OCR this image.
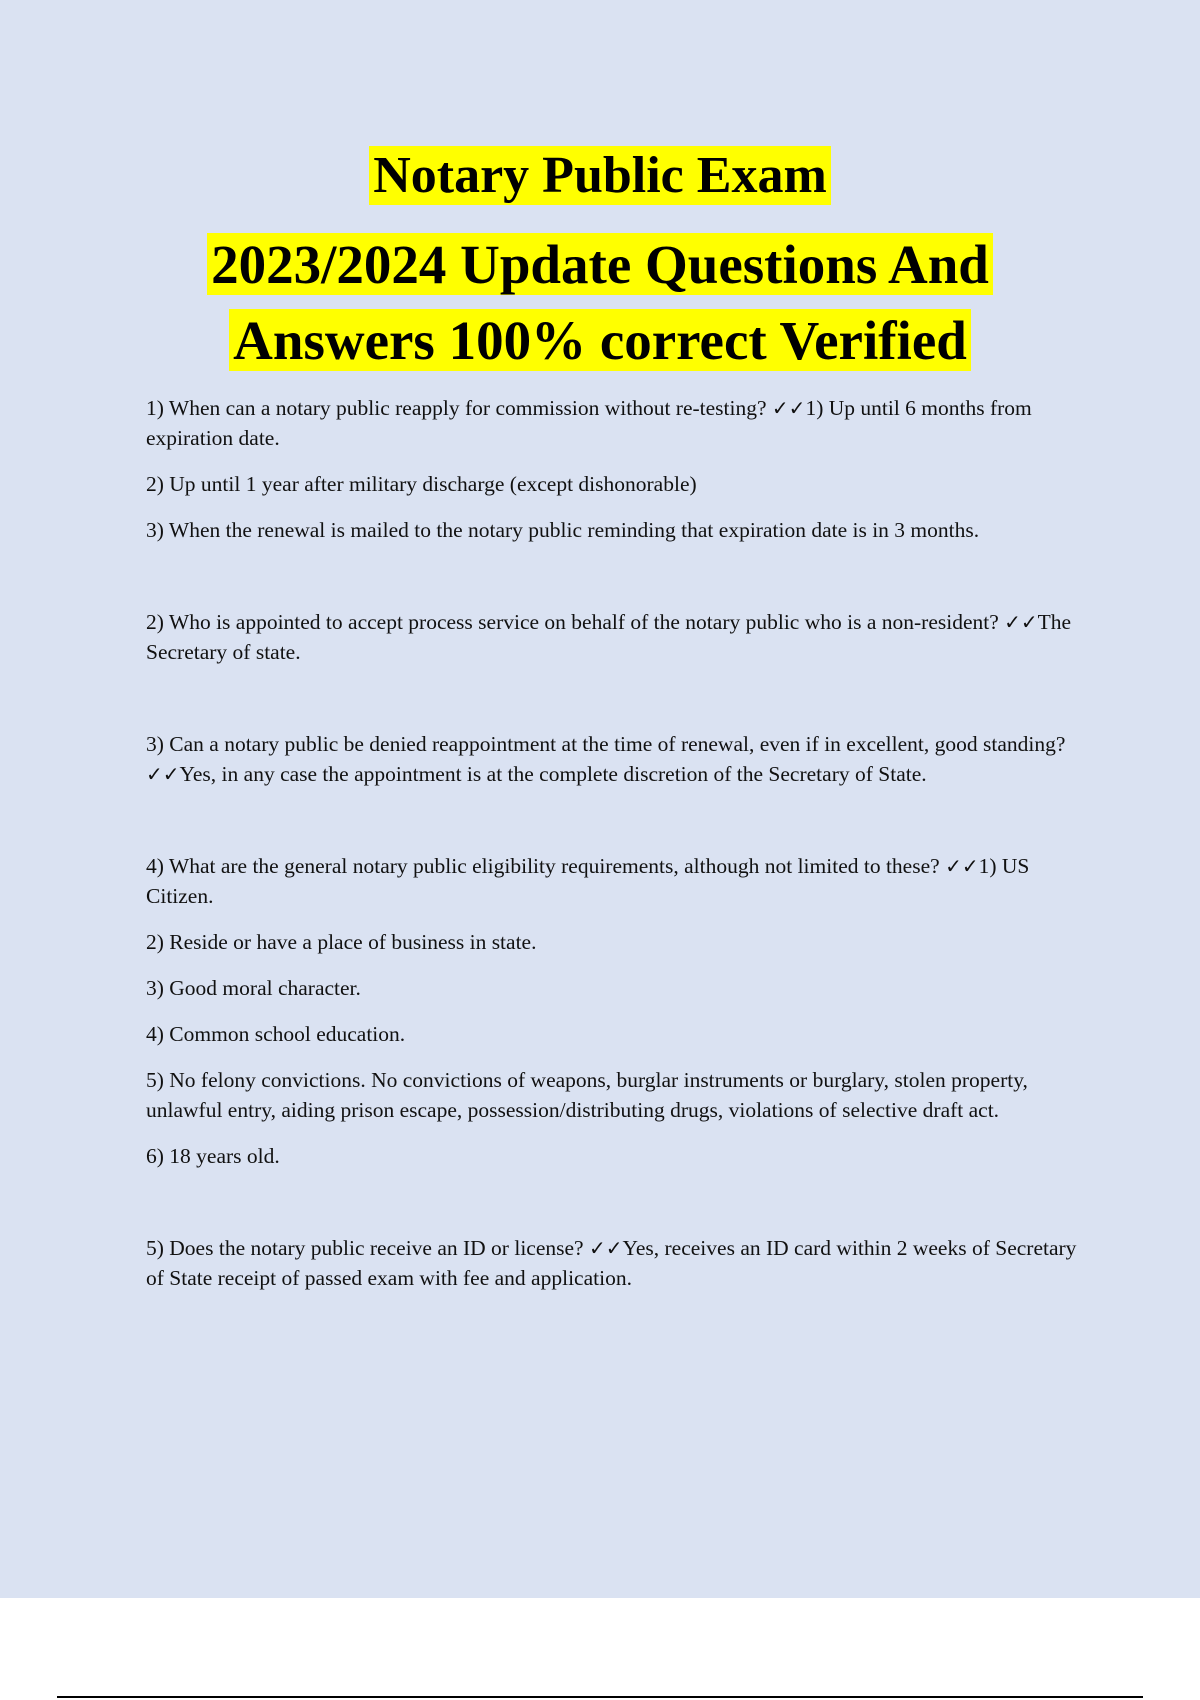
Notary Public Exam
2023/2024 Update Questions And
Answers 100% correct Verified

1) When can a notary public reapply for commission without re-testing? ✓✓1) Up until 6 months from expiration date.

2) Up until 1 year after military discharge (except dishonorable)

3) When the renewal is mailed to the notary public reminding that expiration date is in 3 months.

2) Who is appointed to accept process service on behalf of the notary public who is a non-resident? ✓✓The Secretary of state.

3) Can a notary public be denied reappointment at the time of renewal, even if in excellent, good standing? ✓✓Yes, in any case the appointment is at the complete discretion of the Secretary of State.

4) What are the general notary public eligibility requirements, although not limited to these? ✓✓1) US Citizen.

2) Reside or have a place of business in state.

3) Good moral character.

4) Common school education.

5) No felony convictions. No convictions of weapons, burglar instruments or burglary, stolen property, unlawful entry, aiding prison escape, possession/distributing drugs, violations of selective draft act.

6) 18 years old.

5) Does the notary public receive an ID or license? ✓✓Yes, receives an ID card within 2 weeks of Secretary of State receipt of passed exam with fee and application.
